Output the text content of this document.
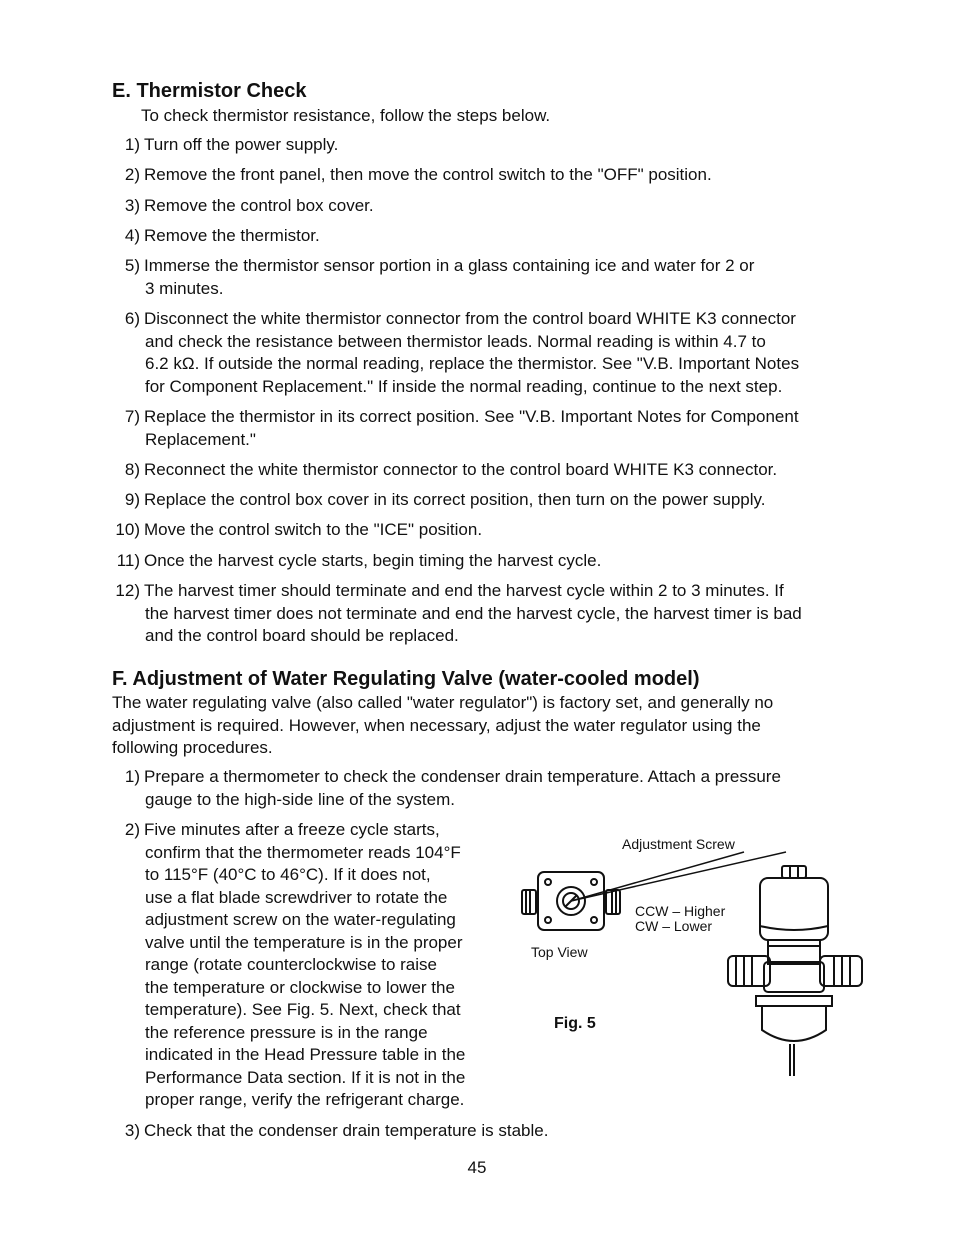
E. Thermistor Check
To check thermistor resistance, follow the steps below.
1) Turn off the power supply.
2) Remove the front panel, then move the control switch to the "OFF" position.
3) Remove the control box cover.
4) Remove the thermistor.
5) Immerse the thermistor sensor portion in a glass containing ice and water for 2 or
3 minutes.
6) Disconnect the white thermistor connector from the control board WHITE K3 connector
and check the resistance between thermistor leads. Normal reading is within 4.7 to
6.2 kΩ. If outside the normal reading, replace the thermistor. See "V.B. Important Notes
for Component Replacement." If inside the normal reading, continue to the next step.
7) Replace the thermistor in its correct position. See "V.B. Important Notes for Component
Replacement."
8) Reconnect the white thermistor connector to the control board WHITE K3 connector.
9) Replace the control box cover in its correct position, then turn on the power supply.
10) Move the control switch to the "ICE" position.
11) Once the harvest cycle starts, begin timing the harvest cycle.
12) The harvest timer should terminate and end the harvest cycle within 2 to 3 minutes. If
the harvest timer does not terminate and end the harvest cycle, the harvest timer is bad
and the control board should be replaced.
F. Adjustment of Water Regulating Valve (water-cooled model)
The water regulating valve (also called "water regulator") is factory set, and generally no
adjustment is required. However, when necessary, adjust the water regulator using the
following procedures.
1) Prepare a thermometer to check the condenser drain temperature. Attach a pressure
gauge to the high-side line of the system.
2) Five minutes after a freeze cycle starts,
confirm that the thermometer reads 104°F
to 115°F (40°C to 46°C). If it does not,
use a flat blade screwdriver to rotate the
adjustment screw on the water-regulating
valve until the temperature is in the proper
range (rotate counterclockwise to raise
the temperature or clockwise to lower the
temperature). See Fig. 5. Next, check that
the reference pressure is in the range
indicated in the Head Pressure table in the
Performance Data section. If it is not in the
proper range, verify the refrigerant charge.
3) Check that the condenser drain temperature is stable.
Adjustment Screw
CCW – Higher
CW – Lower
Top View
Fig. 5
45
